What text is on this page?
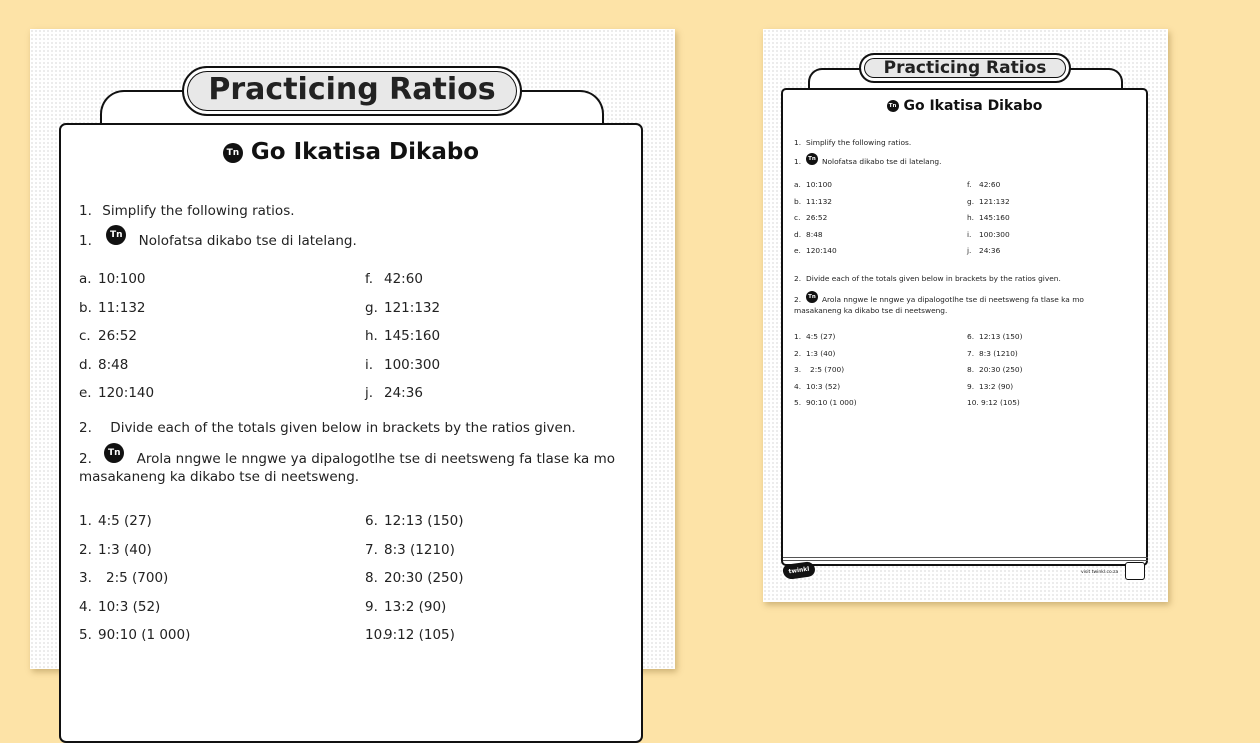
Practicing Ratios
Tn Go Ikatisa Dikabo
1. Simplify the following ratios.
1. Tn Nolofatsa dikabo tse di latelang.
a. 10:100	f. 42:60
b. 11:132	g. 121:132
c. 26:52	h. 145:160
d. 8:48	i. 100:300
e. 120:140	j. 24:36
2. Divide each of the totals given below in brackets by the ratios given.
2. Tn Arola nngwe le nngwe ya dipalogotlhe tse di neetsweng fa tlase ka mo
masakaneng ka dikabo tse di neetsweng.
1. 4:5 (27)	6. 12:13 (150)
2. 1:3 (40)	7. 8:3 (1210)
3. 2:5 (700)	8. 20:30 (250)
4. 10:3 (52)	9. 13:2 (90)
5. 90:10 (1 000)	10.9:12 (105)
Practicing Ratios
Tn Go Ikatisa Dikabo
1. Simplify the following ratios.
1. Tn Nolofatsa dikabo tse di latelang.
a. 10:100	f. 42:60
b. 11:132	g. 121:132
c. 26:52	h. 145:160
d. 8:48	i. 100:300
e. 120:140	j. 24:36
2. Divide each of the totals given below in brackets by the ratios given.
2. Tn Arola nngwe le nngwe ya dipalogotlhe tse di neetsweng fa tlase ka mo
masakaneng ka dikabo tse di neetsweng.
1. 4:5 (27)	6. 12:13 (150)
2. 1:3 (40)	7. 8:3 (1210)
3. 2:5 (700)	8. 20:30 (250)
4. 10:3 (52)	9. 13:2 (90)
5. 90:10 (1 000)	10. 9:12 (105)
twinkl	visit twinkl.co.za
